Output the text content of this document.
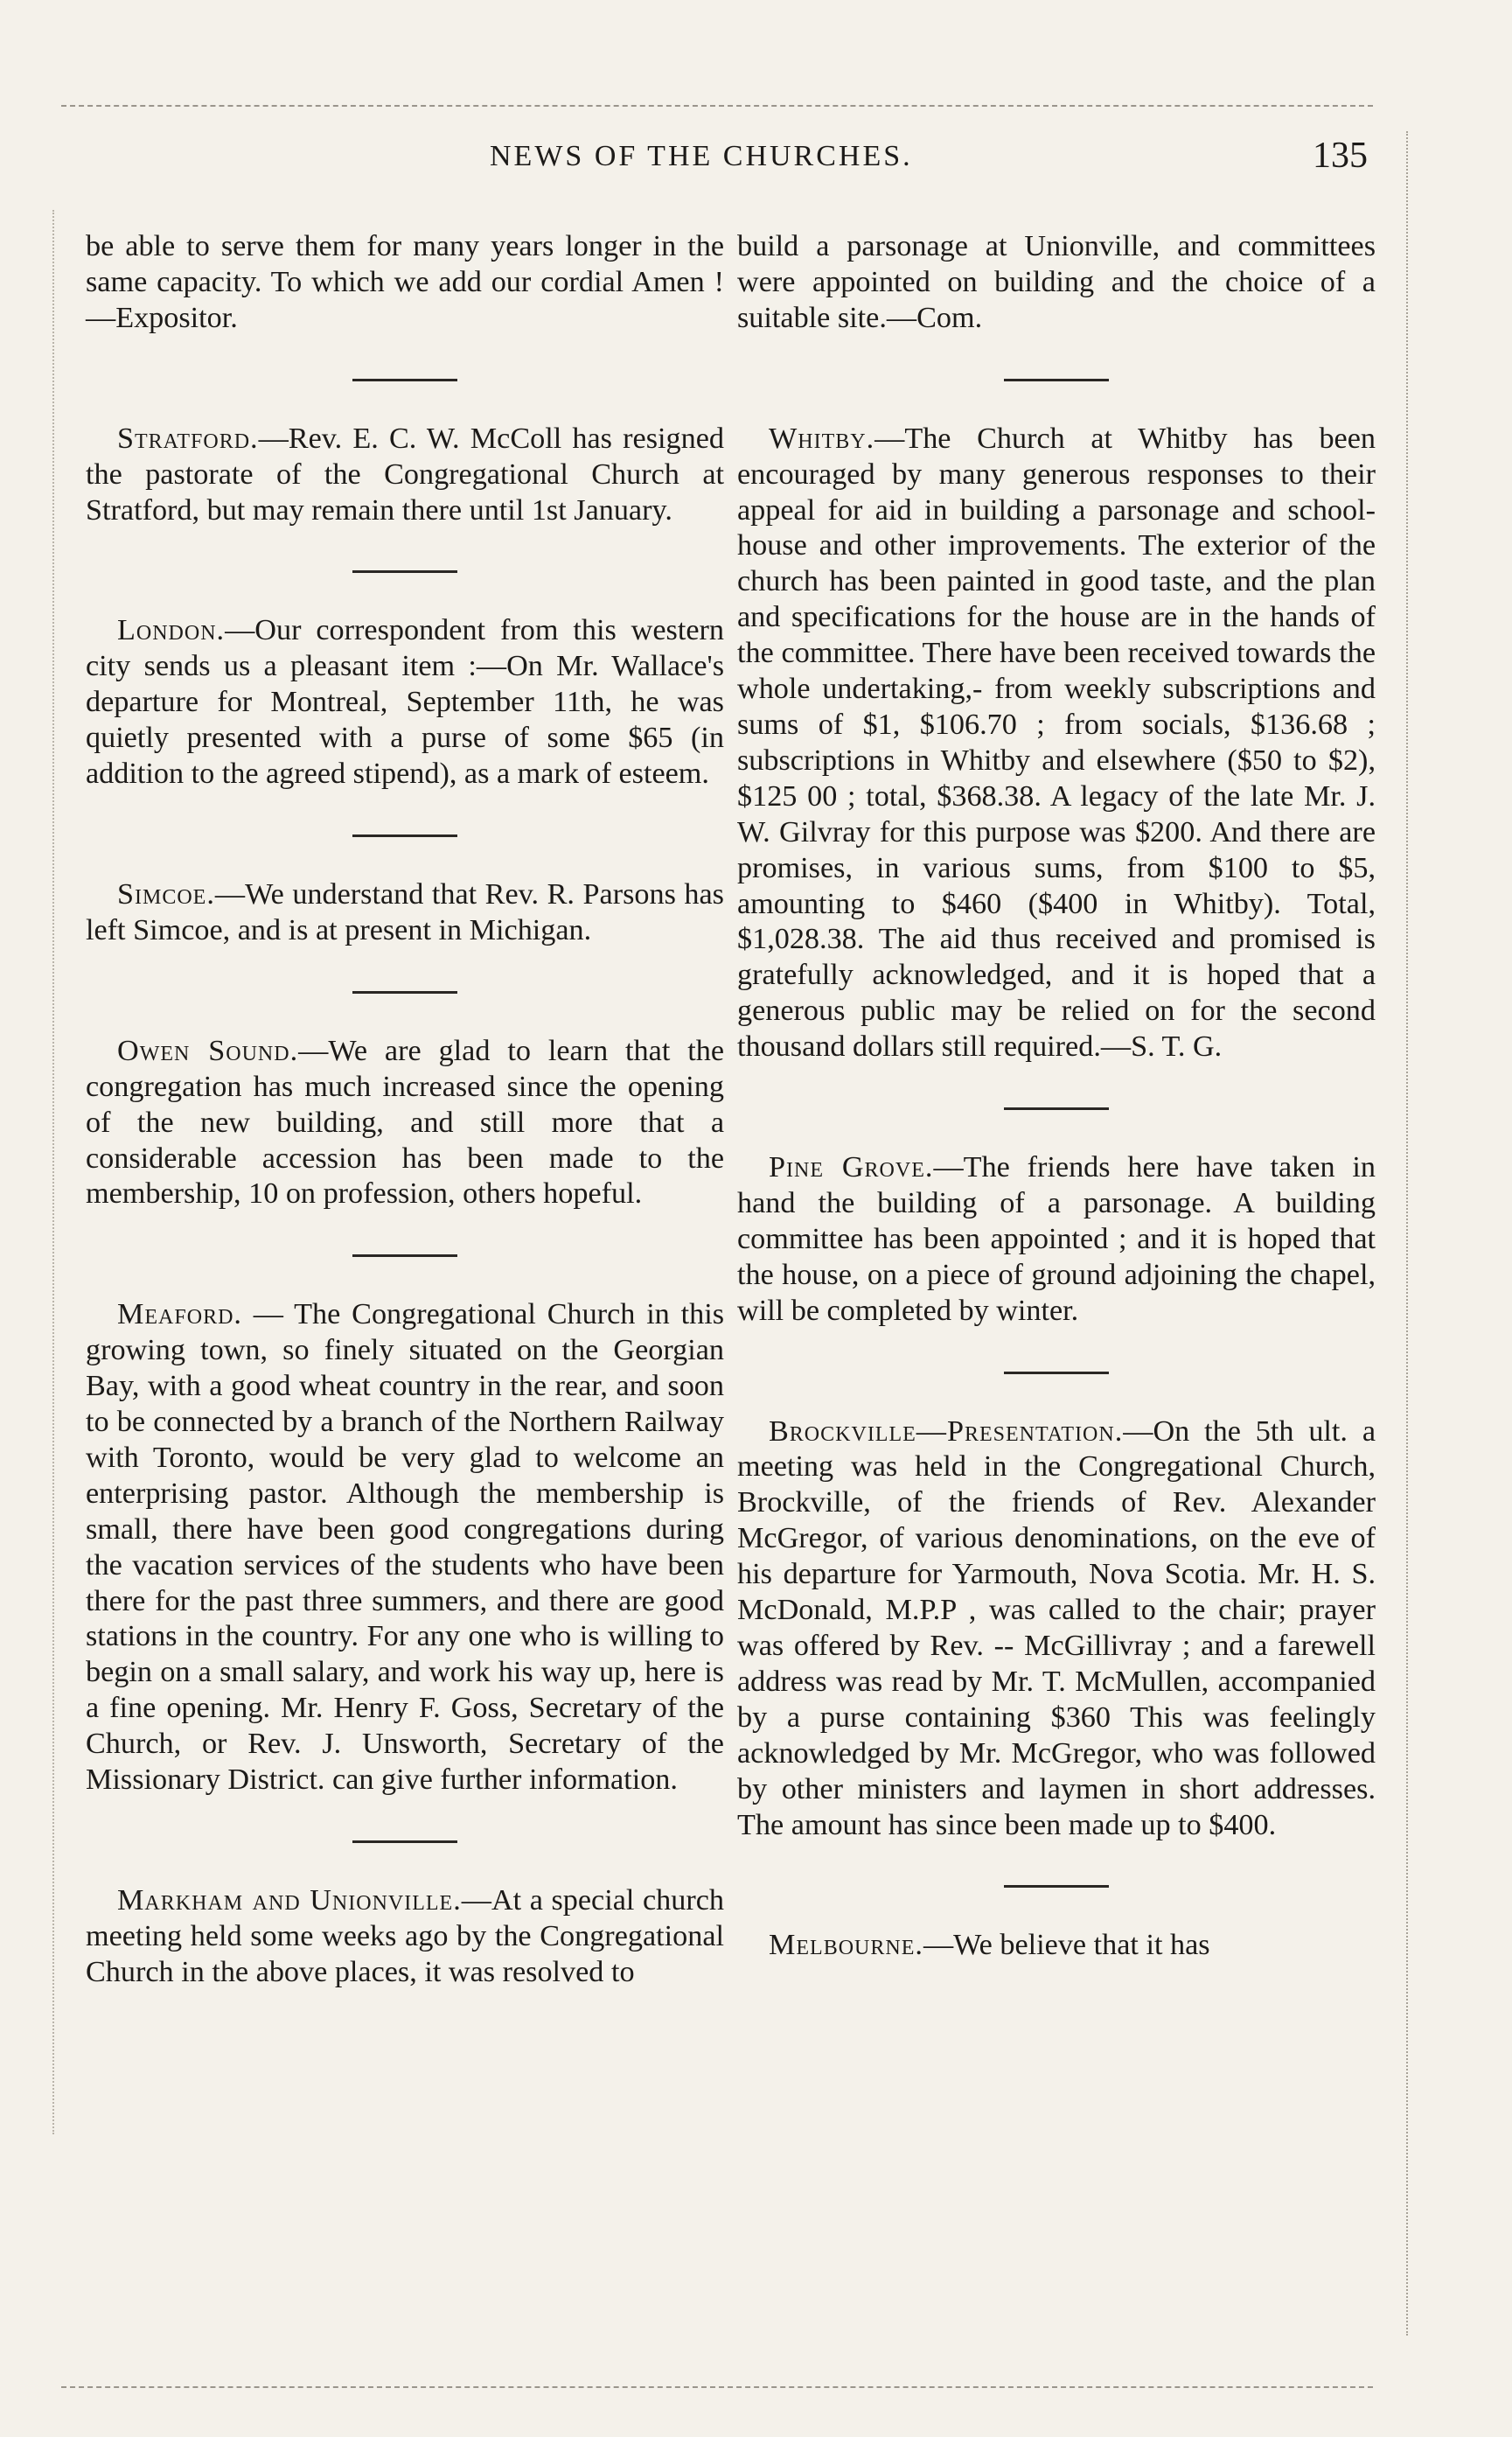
NEWS OF THE CHURCHES.	135

be able to serve them for many years longer in the same capacity. To which we add our cordial Amen !—Expositor.

Stratford.—Rev. E. C. W. McColl has resigned the pastorate of the Congregational Church at Stratford, but may remain there until 1st January.

London.—Our correspondent from this western city sends us a pleasant item :—On Mr. Wallace's departure for Montreal, September 11th, he was quietly presented with a purse of some $65 (in addition to the agreed stipend), as a mark of esteem.

Simcoe.—We understand that Rev. R. Parsons has left Simcoe, and is at present in Michigan.

Owen Sound.—We are glad to learn that the congregation has much increased since the opening of the new building, and still more that a considerable accession has been made to the membership, 10 on profession, others hopeful.

Meaford. — The Congregational Church in this growing town, so finely situated on the Georgian Bay, with a good wheat country in the rear, and soon to be connected by a branch of the Northern Railway with Toronto, would be very glad to welcome an enterprising pastor. Although the membership is small, there have been good congregations during the vacation services of the students who have been there for the past three summers, and there are good stations in the country. For any one who is willing to begin on a small salary, and work his way up, here is a fine opening. Mr. Henry F. Goss, Secretary of the Church, or Rev. J. Unsworth, Secretary of the Missionary District. can give further information.

Markham and Unionville.—At a special church meeting held some weeks ago by the Congregational Church in the above places, it was resolved to

build a parsonage at Unionville, and committees were appointed on building and the choice of a suitable site.—Com.

Whitby.—The Church at Whitby has been encouraged by many generous responses to their appeal for aid in building a parsonage and school-house and other improvements. The exterior of the church has been painted in good taste, and the plan and specifications for the house are in the hands of the committee. There have been received towards the whole undertaking,- from weekly subscriptions and sums of $1, $106.70 ; from socials, $136.68 ; subscriptions in Whitby and elsewhere ($50 to $2), $125 00 ; total, $368.38. A legacy of the late Mr. J. W. Gilvray for this purpose was $200. And there are promises, in various sums, from $100 to $5, amounting to $460 ($400 in Whitby). Total, $1,028.38. The aid thus received and promised is gratefully acknowledged, and it is hoped that a generous public may be relied on for the second thousand dollars still required.—S. T. G.

Pine Grove.—The friends here have taken in hand the building of a parsonage. A building committee has been appointed ; and it is hoped that the house, on a piece of ground adjoining the chapel, will be completed by winter.

Brockville—Presentation.—On the 5th ult. a meeting was held in the Congregational Church, Brockville, of the friends of Rev. Alexander McGregor, of various denominations, on the eve of his departure for Yarmouth, Nova Scotia. Mr. H. S. McDonald, M.P.P , was called to the chair; prayer was offered by Rev. -- McGillivray ; and a farewell address was read by Mr. T. McMullen, accompanied by a purse containing $360 This was feelingly acknowledged by Mr. McGregor, who was followed by other ministers and laymen in short addresses. The amount has since been made up to $400.

Melbourne.—We believe that it has
